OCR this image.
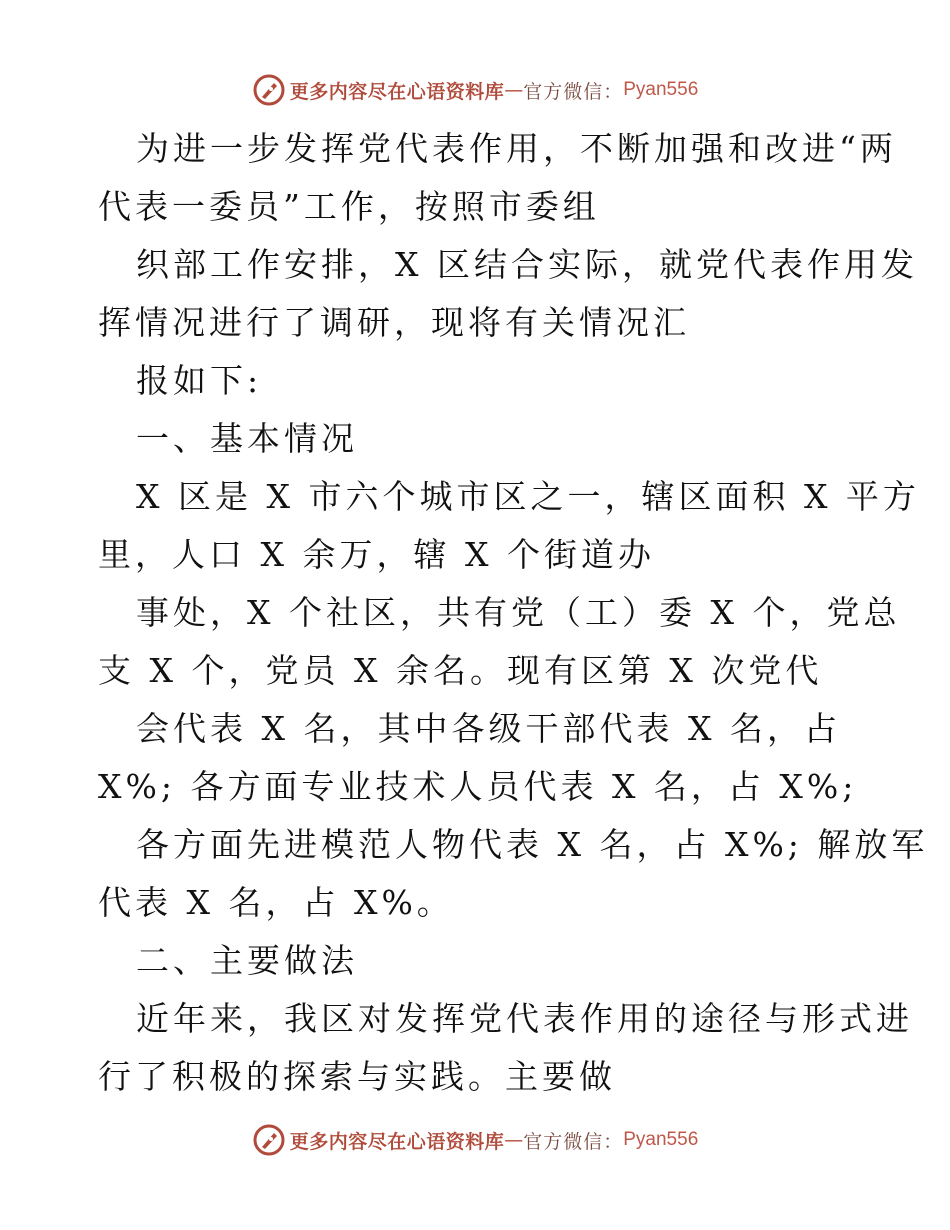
更多内容尽在心语资料库 — 官方微信： Pyan556
为进一步发挥党代表作用，不断加强和改进“两
代表一委员”工作，按照市委组
织部工作安排，X 区结合实际，就党代表作用发
挥情况进行了调研，现将有关情况汇
报如下:
一、基本情况
X 区是 X 市六个城市区之一，辖区面积 X 平方
里，人口 X 余万，辖 X 个街道办
事处，X 个社区，共有党（工）委 X 个，党总
支 X 个，党员 X 余名。现有区第 X 次党代
会代表 X 名，其中各级干部代表 X 名，占
X%; 各方面专业技术人员代表 X 名，占 X%;
各方面先进模范人物代表 X 名，占 X%; 解放军
代表 X 名，占 X%。
二、主要做法
近年来，我区对发挥党代表作用的途径与形式进
行了积极的探索与实践。主要做
更多内容尽在心语资料库 — 官方微信： Pyan556
